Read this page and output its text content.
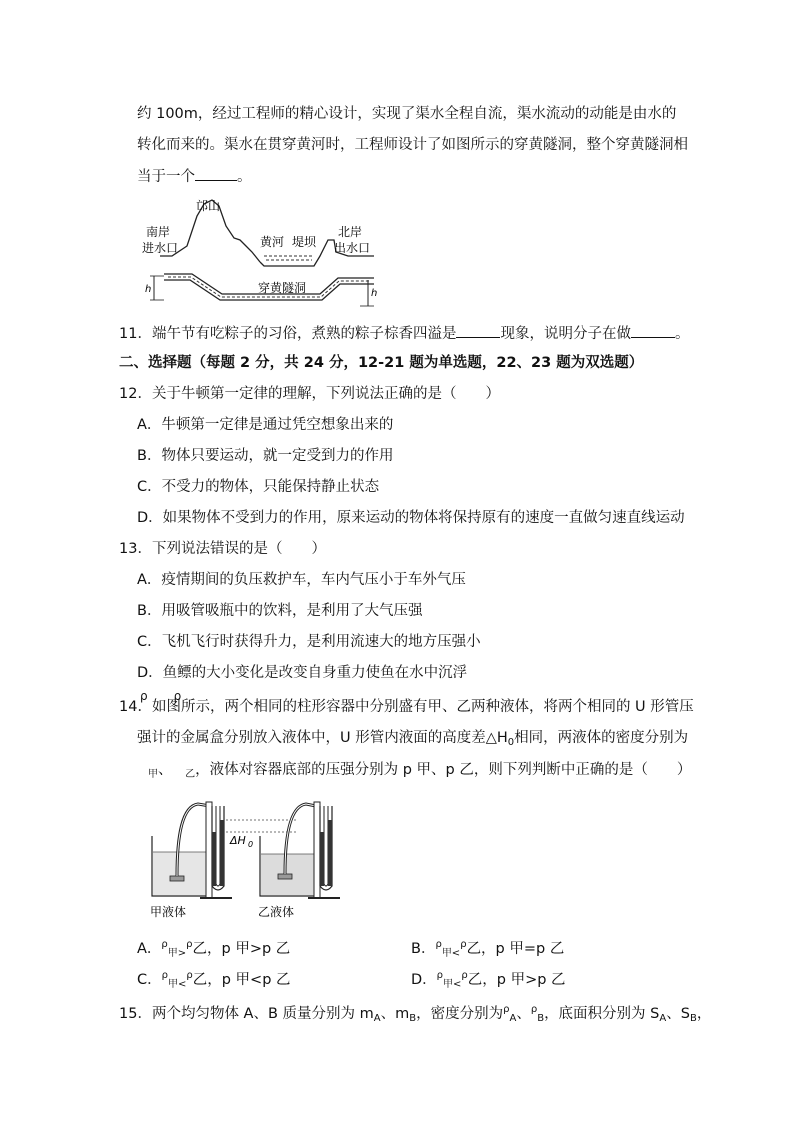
约 100m，经过工程师的精心设计，实现了渠水全程自流，渠水流动的动能是由水的
转化而来的。渠水在贯穿黄河时，工程师设计了如图所示的穿黄隧洞，整个穿黄隧洞相
当于一个	。
邙山
南岸
进水口	黄河 堤坝
北岸
出水口
穿黄隧洞
h	h
11．端午节有吃粽子的习俗，煮熟的粽子棕香四溢是	现象，说明分子在做	。
二、选择题（每题 2 分，共 24 分，12-21 题为单选题，22、23 题为双选题）
12．关于牛顿第一定律的理解，下列说法正确的是（　　）
A．牛顿第一定律是通过凭空想象出来的
B．物体只要运动，就一定受到力的作用
C．不受力的物体，只能保持静止状态
D．如果物体不受到力的作用，原来运动的物体将保持原有的速度一直做匀速直线运动
13．下列说法错误的是（　　）
A．疫情期间的负压救护车，车内气压小于车外气压
B．用吸管吸瓶中的饮料，是利用了大气压强
C．飞机飞行时获得升力，是利用流速大的地方压强小
D．鱼鳔的大小变化是改变自身重力使鱼在水中沉浮
ρ ρ
14．如图所示，两个相同的柱形容器中分别盛有甲、乙两种液体，将两个相同的 U 形管压
强计的金属盒分别放入液体中，U 形管内液面的高度差$\triangle H_0$相同，两液体的密度分别为
$_甲$、 $_乙$，液体对容器底部的压强分别为 p 甲、p 乙，则下列判断中正确的是（　　）
ΔH 0
甲液体	乙液体
A．$^\rho_{甲>}^\rho$乙，p 甲>p 乙	B．$^\rho_{甲<}^\rho$乙，p 甲=p 乙
C．$^\rho_{甲<}^\rho$乙，p 甲<p 乙	D．$^\rho_{甲<}^\rho$乙，p 甲>p 乙
15．两个均匀物体 A、B 质量分别为 $m_A$、$m_B$，密度分别为$^\rho_A$、$^\rho_B$，底面积分别为 $S_A$、$S_B$，
